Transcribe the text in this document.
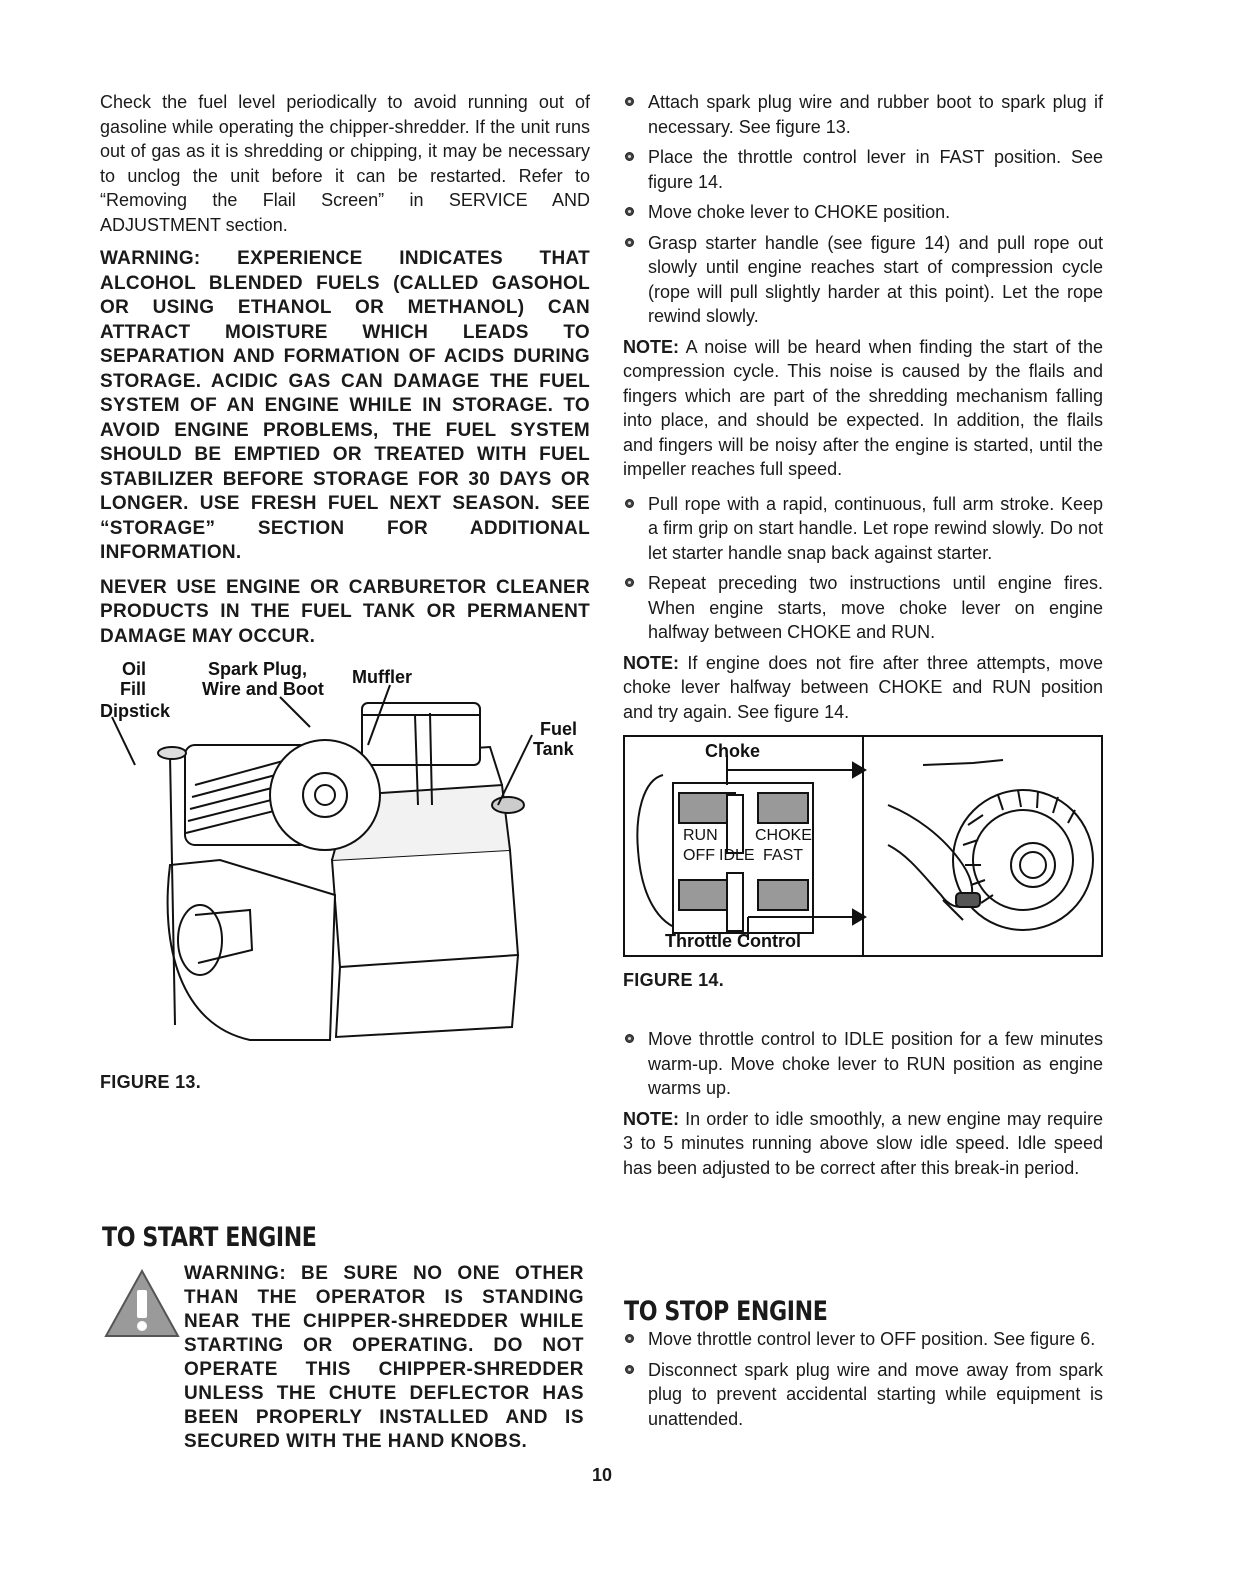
Check the fuel level periodically to avoid running out of gasoline while operating the chipper-shredder. If the unit runs out of gas as it is shredding or chipping, it may be necessary to unclog the unit before it can be restarted. Refer to “Removing the Flail Screen” in SERVICE AND ADJUSTMENT section.

WARNING: EXPERIENCE INDICATES THAT ALCOHOL BLENDED FUELS (CALLED GASOHOL OR USING ETHANOL OR METHANOL) CAN ATTRACT MOISTURE WHICH LEADS TO SEPARATION AND FORMATION OF ACIDS DURING STORAGE. ACIDIC GAS CAN DAMAGE THE FUEL SYSTEM OF AN ENGINE WHILE IN STORAGE. TO AVOID ENGINE PROBLEMS, THE FUEL SYSTEM SHOULD BE EMPTIED OR TREATED WITH FUEL STABILIZER BEFORE STORAGE FOR 30 DAYS OR LONGER. USE FRESH FUEL NEXT SEASON. SEE “STORAGE” SECTION FOR ADDITIONAL INFORMATION.

NEVER USE ENGINE OR CARBURETOR CLEANER PRODUCTS IN THE FUEL TANK OR PERMANENT DAMAGE MAY OCCUR.

Oil
Fill
Dipstick
Spark Plug,
Wire and Boot
Muffler
Fuel
Tank
FIGURE 13.
TO START ENGINE

WARNING: BE SURE NO ONE OTHER THAN THE OPERATOR IS STANDING NEAR THE CHIPPER-SHREDDER WHILE STARTING OR OPERATING. DO NOT OPERATE THIS CHIPPER-SHREDDER UNLESS THE CHUTE DEFLECTOR HAS BEEN PROPERLY INSTALLED AND IS SECURED WITH THE HAND KNOBS.

Attach spark plug wire and rubber boot to spark plug if necessary. See figure 13.
Place the throttle control lever in FAST position. See figure 14.
Move choke lever to CHOKE position.
Grasp starter handle (see figure 14) and pull rope out slowly until engine reaches start of compression cycle (rope will pull slightly harder at this point). Let the rope rewind slowly.

NOTE: A noise will be heard when finding the start of the compression cycle. This noise is caused by the flails and fingers which are part of the shredding mechanism falling into place, and should be expected. In addition, the flails and fingers will be noisy after the engine is started, until the impeller reaches full speed.

Pull rope with a rapid, continuous, full arm stroke. Keep a firm grip on start handle. Let rope rewind slowly. Do not let starter handle snap back against starter.
Repeat preceding two instructions until engine fires. When engine starts, move choke lever on engine halfway between CHOKE and RUN.

NOTE: If engine does not fire after three attempts, move choke lever halfway between CHOKE and RUN position and try again. See figure 14.

Choke
RUN CHOKE
OFF IDLE FAST
Throttle Control
FIGURE 14.
Move throttle control to IDLE position for a few minutes warm-up. Move choke lever to RUN position as engine warms up.

NOTE: In order to idle smoothly, a new engine may require 3 to 5 minutes running above slow idle speed. Idle speed has been adjusted to be correct after this break-in period.

TO STOP ENGINE
Move throttle control lever to OFF position. See figure 6.
Disconnect spark plug wire and move away from spark plug to prevent accidental starting while equipment is unattended.
10
